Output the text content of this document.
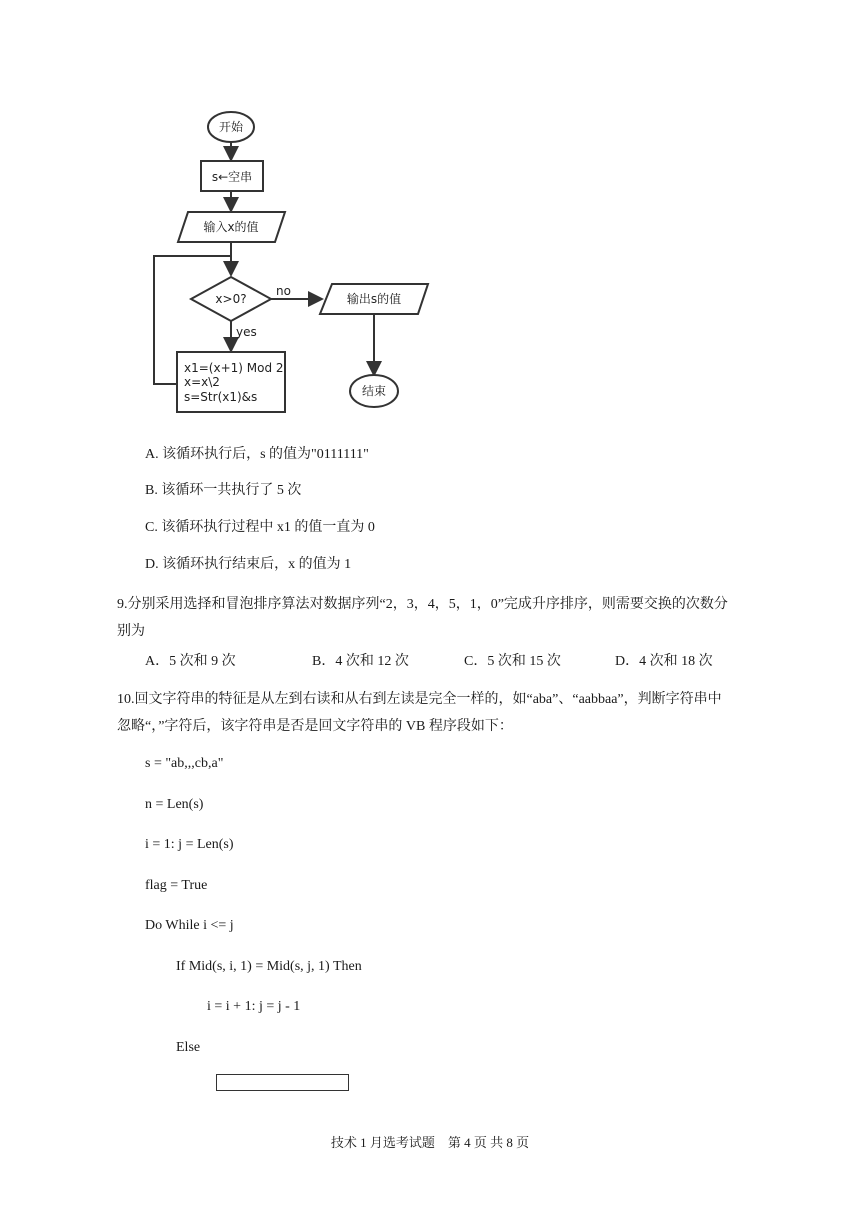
开始
s←空串
输入x的值
x>0?
no
yes
x1=(x+1) Mod 2
x=x\2
s=Str(x1)&s
输出s的值
结束
A. 该循环执行后，s 的值为"0111111"
B. 该循环一共执行了 5 次
C. 该循环执行过程中 x1 的值一直为 0
D. 该循环执行结束后，x 的值为 1
9.分别采用选择和冒泡排序算法对数据序列“2，3，4，5，1，0”完成升序排序，则需要交换的次数分别为
A．5 次和 9 次	B．4 次和 12 次	C．5 次和 15 次	D．4 次和 18 次
10.回文字符串的特征是从左到右读和从右到左读是完全一样的，如“aba”、“aabbaa”，判断字符串中忽略“，”字符后，该字符串是否是回文字符串的 VB 程序段如下：
s = "ab,,,cb,a"
n = Len(s)
i = 1: j = Len(s)
flag = True
Do While i <= j
If Mid(s, i, 1) = Mid(s, j, 1) Then
i = i + 1: j = j - 1
Else
技术 1 月选考试题　第 4 页 共 8 页
